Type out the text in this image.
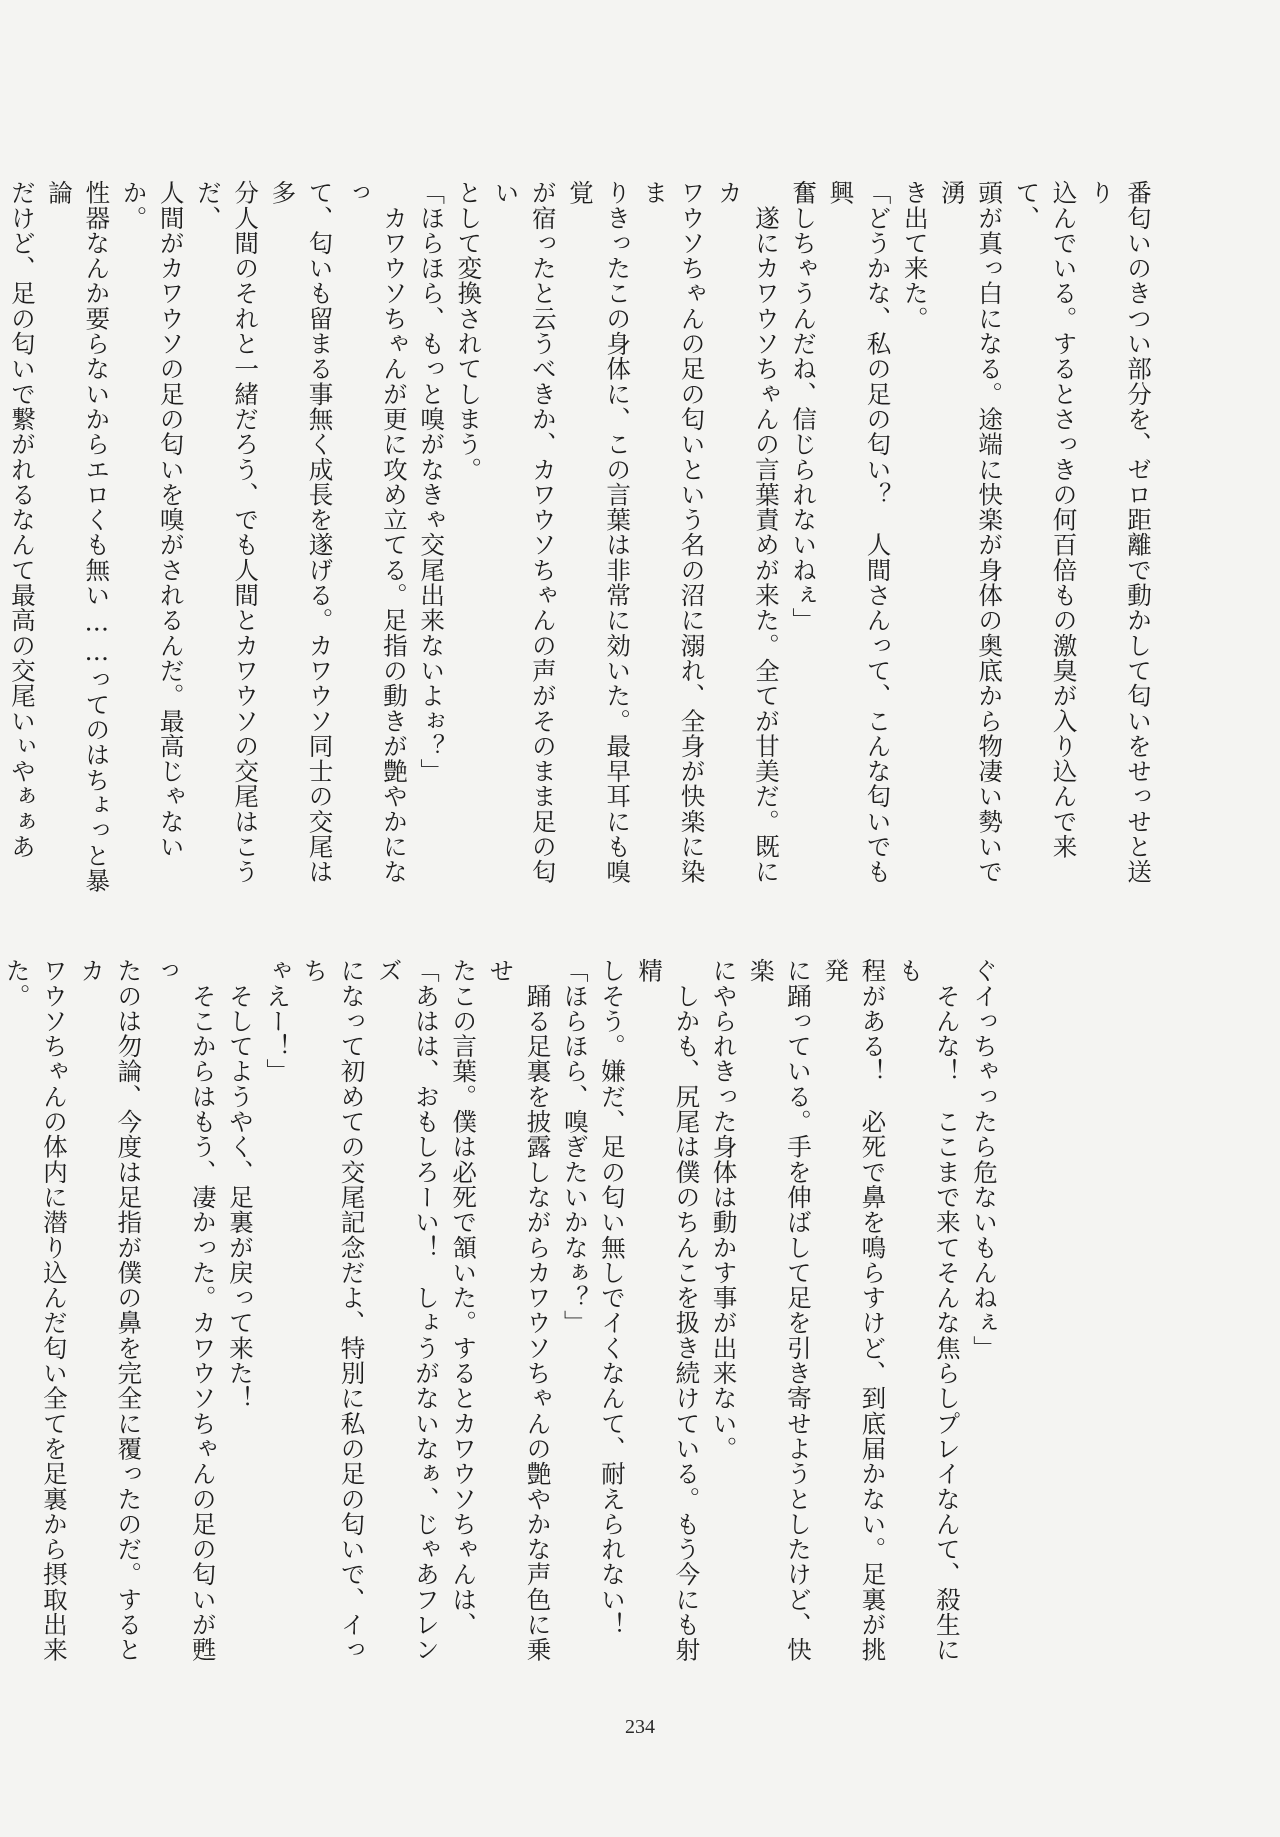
番匂いのきつい部分を、ゼロ距離で動かして匂いをせっせと送り
込んでいる。するとさっきの何百倍もの激臭が入り込んで来て、
頭が真っ白になる。途端に快楽が身体の奥底から物凄い勢いで湧
き出て来た。
「どうかな、私の足の匂い？　人間さんって、こんな匂いでも興
奮しちゃうんだね、信じられないねぇ」
　遂にカワウソちゃんの言葉責めが来た。全てが甘美だ。既にカ
ワウソちゃんの足の匂いという名の沼に溺れ、全身が快楽に染ま
りきったこの身体に、この言葉は非常に効いた。最早耳にも嗅覚
が宿ったと云うべきか、カワウソちゃんの声がそのまま足の匂い
として変換されてしまう。
「ほらほら、もっと嗅がなきゃ交尾出来ないよぉ？」
　カワウソちゃんが更に攻め立てる。足指の動きが艶やかになっ
て、匂いも留まる事無く成長を遂げる。カワウソ同士の交尾は多
分人間のそれと一緒だろう、でも人間とカワウソの交尾はこうだ、
人間がカワウソの足の匂いを嗅がされるんだ。最高じゃないか。
性器なんか要らないからエロくも無い……ってのはちょっと暴論
だけど、足の匂いで繋がれるなんて最高の交尾いぃやぁぁあ
ぐイっちゃったら危ないもんねぇ」
　そんな！　ここまで来てそんな焦らしプレイなんて、殺生にも
程がある！　必死で鼻を鳴らすけど、到底届かない。足裏が挑発
に踊っている。手を伸ばして足を引き寄せようとしたけど、快楽
にやられきった身体は動かす事が出来ない。
　しかも、尻尾は僕のちんこを扱き続けている。もう今にも射精
しそう。嫌だ、足の匂い無しでイくなんて、耐えられない！
「ほらほら、嗅ぎたいかなぁ？」
　踊る足裏を披露しながらカワウソちゃんの艶やかな声色に乗せ
たこの言葉。僕は必死で頷いた。するとカワウソちゃんは、
「あはは、おもしろーい！　しょうがないなぁ、じゃあフレンズ
になって初めての交尾記念だよ、特別に私の足の匂いで、イっち
ゃえー！」
　そしてようやく、足裏が戻って来た！
　そこからはもう、凄かった。カワウソちゃんの足の匂いが甦っ
たのは勿論、今度は足指が僕の鼻を完全に覆ったのだ。するとカ
ワウソちゃんの体内に潜り込んだ匂い全てを足裏から摂取出来た。
234
